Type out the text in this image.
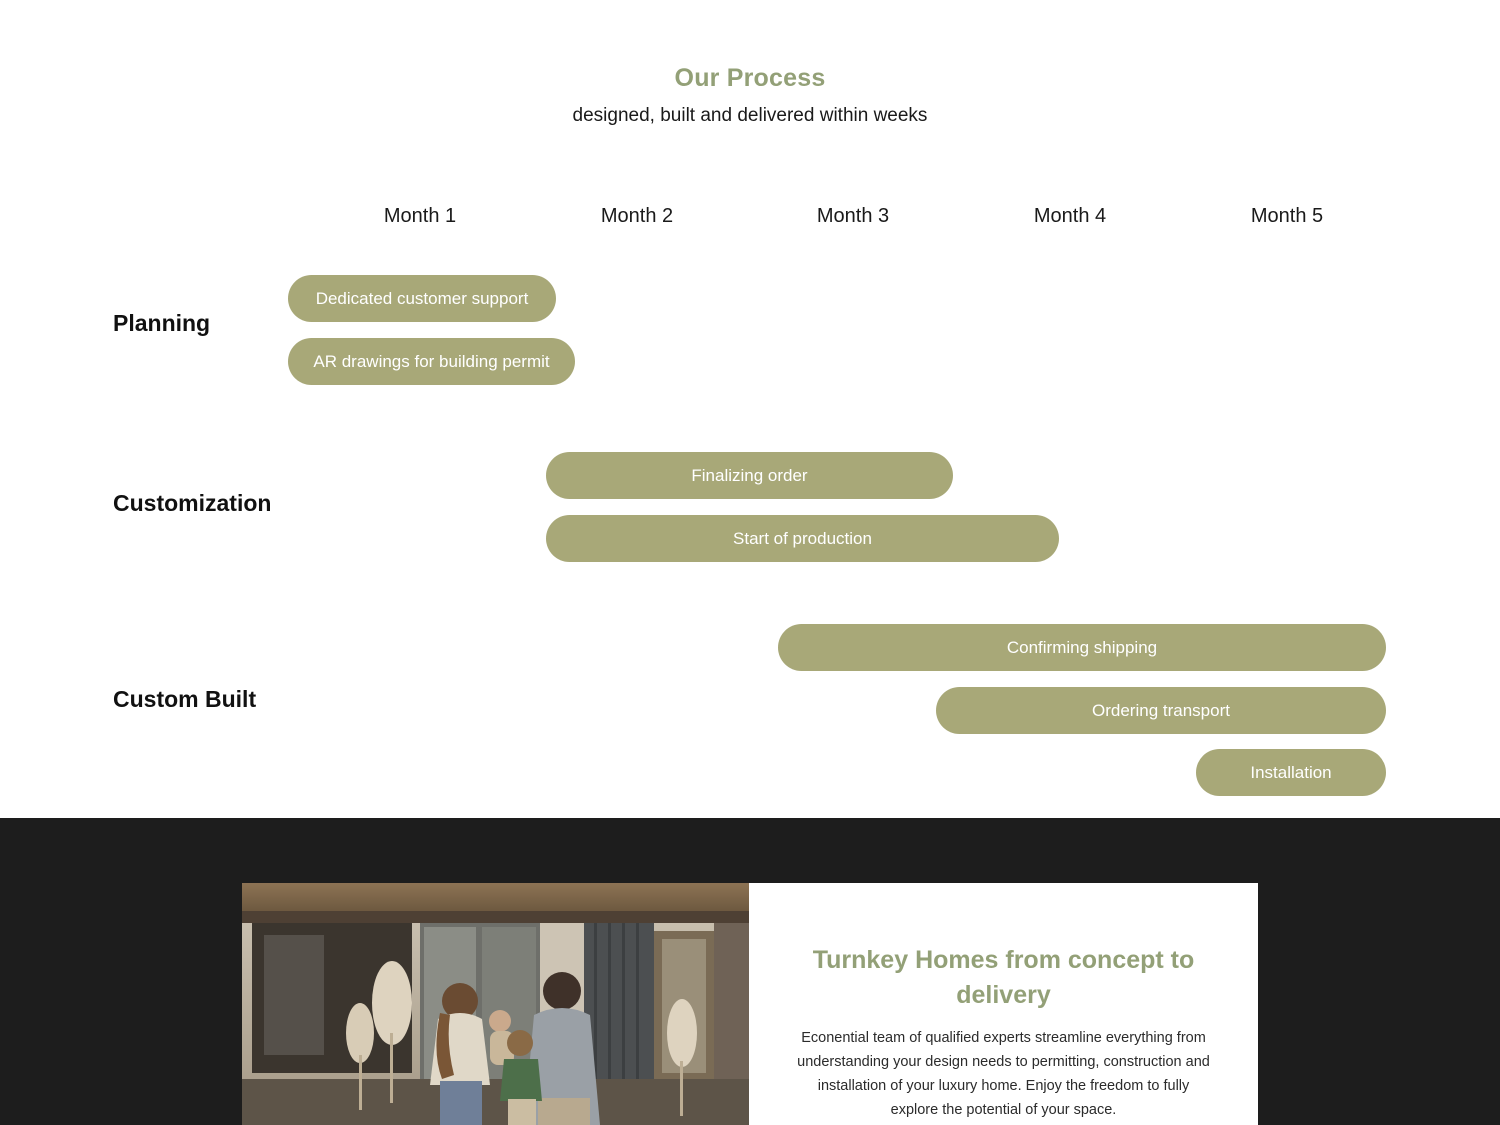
Our Process
designed, built and delivered within weeks
Month 1	Month 2	Month 3	Month 4	Month 5
Planning
Dedicated customer support
AR drawings for building permit
Customization
Finalizing order
Start of production
Custom Built
Confirming shipping
Ordering transport
Installation
Turnkey Homes from concept to delivery
Econential team of qualified experts streamline everything from understanding your design needs to permitting, construction and installation of your luxury home. Enjoy the freedom to fully explore the potential of your space.
